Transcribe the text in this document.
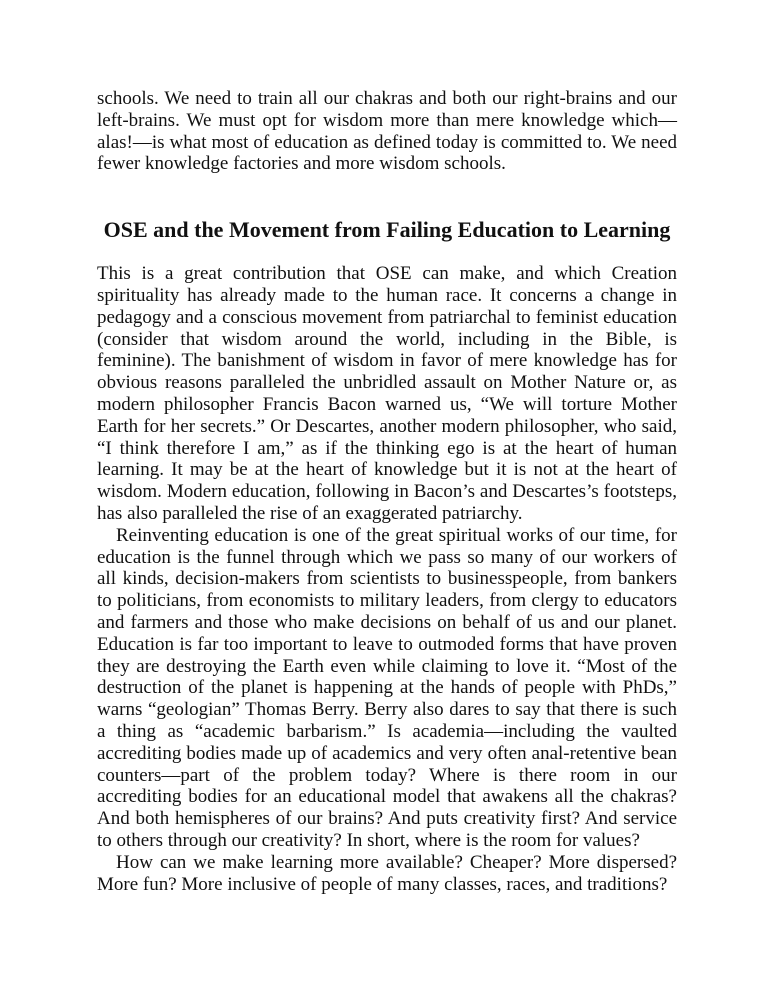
schools. We need to train all our chakras and both our right-brains and our left-brains. We must opt for wisdom more than mere knowledge which—alas!—is what most of education as defined today is committed to. We need fewer knowledge factories and more wisdom schools.

OSE and the Movement from Failing Education to Learning

This is a great contribution that OSE can make, and which Creation spirituality has already made to the human race. It concerns a change in pedagogy and a conscious movement from patriarchal to feminist education (consider that wisdom around the world, including in the Bible, is feminine). The banishment of wisdom in favor of mere knowledge has for obvious reasons paralleled the unbridled assault on Mother Nature or, as modern philosopher Francis Bacon warned us, “We will torture Mother Earth for her secrets.” Or Descartes, another modern philosopher, who said, “I think therefore I am,” as if the thinking ego is at the heart of human learning. It may be at the heart of knowledge but it is not at the heart of wisdom. Modern education, following in Bacon’s and Descartes’s footsteps, has also paralleled the rise of an exaggerated patriarchy.

Reinventing education is one of the great spiritual works of our time, for education is the funnel through which we pass so many of our workers of all kinds, decision-makers from scientists to businesspeople, from bankers to politicians, from economists to military leaders, from clergy to educators and farmers and those who make decisions on behalf of us and our planet. Education is far too important to leave to outmoded forms that have proven they are destroying the Earth even while claiming to love it. “Most of the destruction of the planet is happening at the hands of people with PhDs,” warns “geologian” Thomas Berry. Berry also dares to say that there is such a thing as “academic barbarism.” Is academia—including the vaulted accrediting bodies made up of academics and very often anal-retentive bean counters—part of the problem today? Where is there room in our accrediting bodies for an educational model that awakens all the chakras? And both hemispheres of our brains? And puts creativity first? And service to others through our creativity? In short, where is the room for values?

How can we make learning more available? Cheaper? More dispersed? More fun? More inclusive of people of many classes, races, and traditions?
